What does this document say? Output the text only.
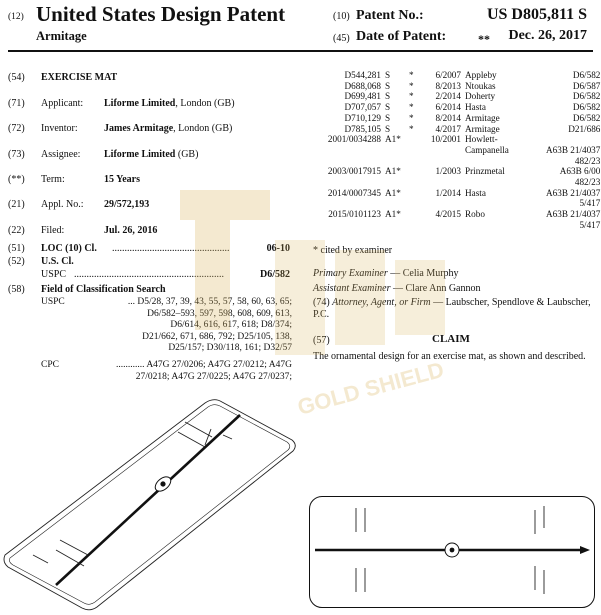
(12) United States Design Patent
Armitage
(10) Patent No.:	US D805,811 S
(45) Date of Patent:	** Dec. 26, 2017
(54) EXERCISE MAT
(71) Applicant: Liforme Limited, London (GB)
(72) Inventor:	James Armitage, London (GB)
(73) Assignee: Liforme Limited (GB)
(**) Term:	15 Years
(21) Appl. No.: 29/572,193
(22) Filed:	Jul. 26, 2016
(51) LOC (10) Cl. ...............................................	06-10
(52) U.S. Cl.
USPC ............................................................	D6/582
(58) Field of Classification Search
USPC	... D5/28, 37, 39, 43, 55, 57, 58, 60, 63, 65;
D6/582–593, 597, 598, 608, 609, 613,
D6/614, 616, 617, 618; D8/374;
D21/662, 671, 686, 792; D25/105, 138,
D25/157; D30/118, 161; D32/57
CPC	............ A47G 27/0206; A47G 27/0212; A47G
27/0218; A47G 27/0225; A47G 27/0237;
D544,281	S	*	6/2007	Appleby	D6/582
D688,068	S	*	8/2013	Ntoukas	D6/587
D699,481	S	*	2/2014	Doherty	D6/582
D707,057	S	*	6/2014	Hasta	D6/582
D710,129	S	*	8/2014	Armitage	D6/582
D785,105	S	*	4/2017	Armitage	D21/686
2001/0034288	A1*		10/2001	Howlett-	
				Campanella	A63B 21/4037
					482/23
2003/0017915	A1*		1/2003	Prinzmetal	A63B 6/00
					482/23
2014/0007345	A1*		1/2014	Hasta	A63B 21/4037
					5/417
2015/0101123	A1*		4/2015	Robo	A63B 21/4037
					5/417
* cited by examiner
Primary Examiner — Celia Murphy
Assistant Examiner — Clare Ann Gannon
(74) Attorney, Agent, or Firm — Laubscher, Spendlove & Laubscher, P.C.
(57)	CLAIM
The ornamental design for an exercise mat, as shown and described.
GOLD SHIELD
